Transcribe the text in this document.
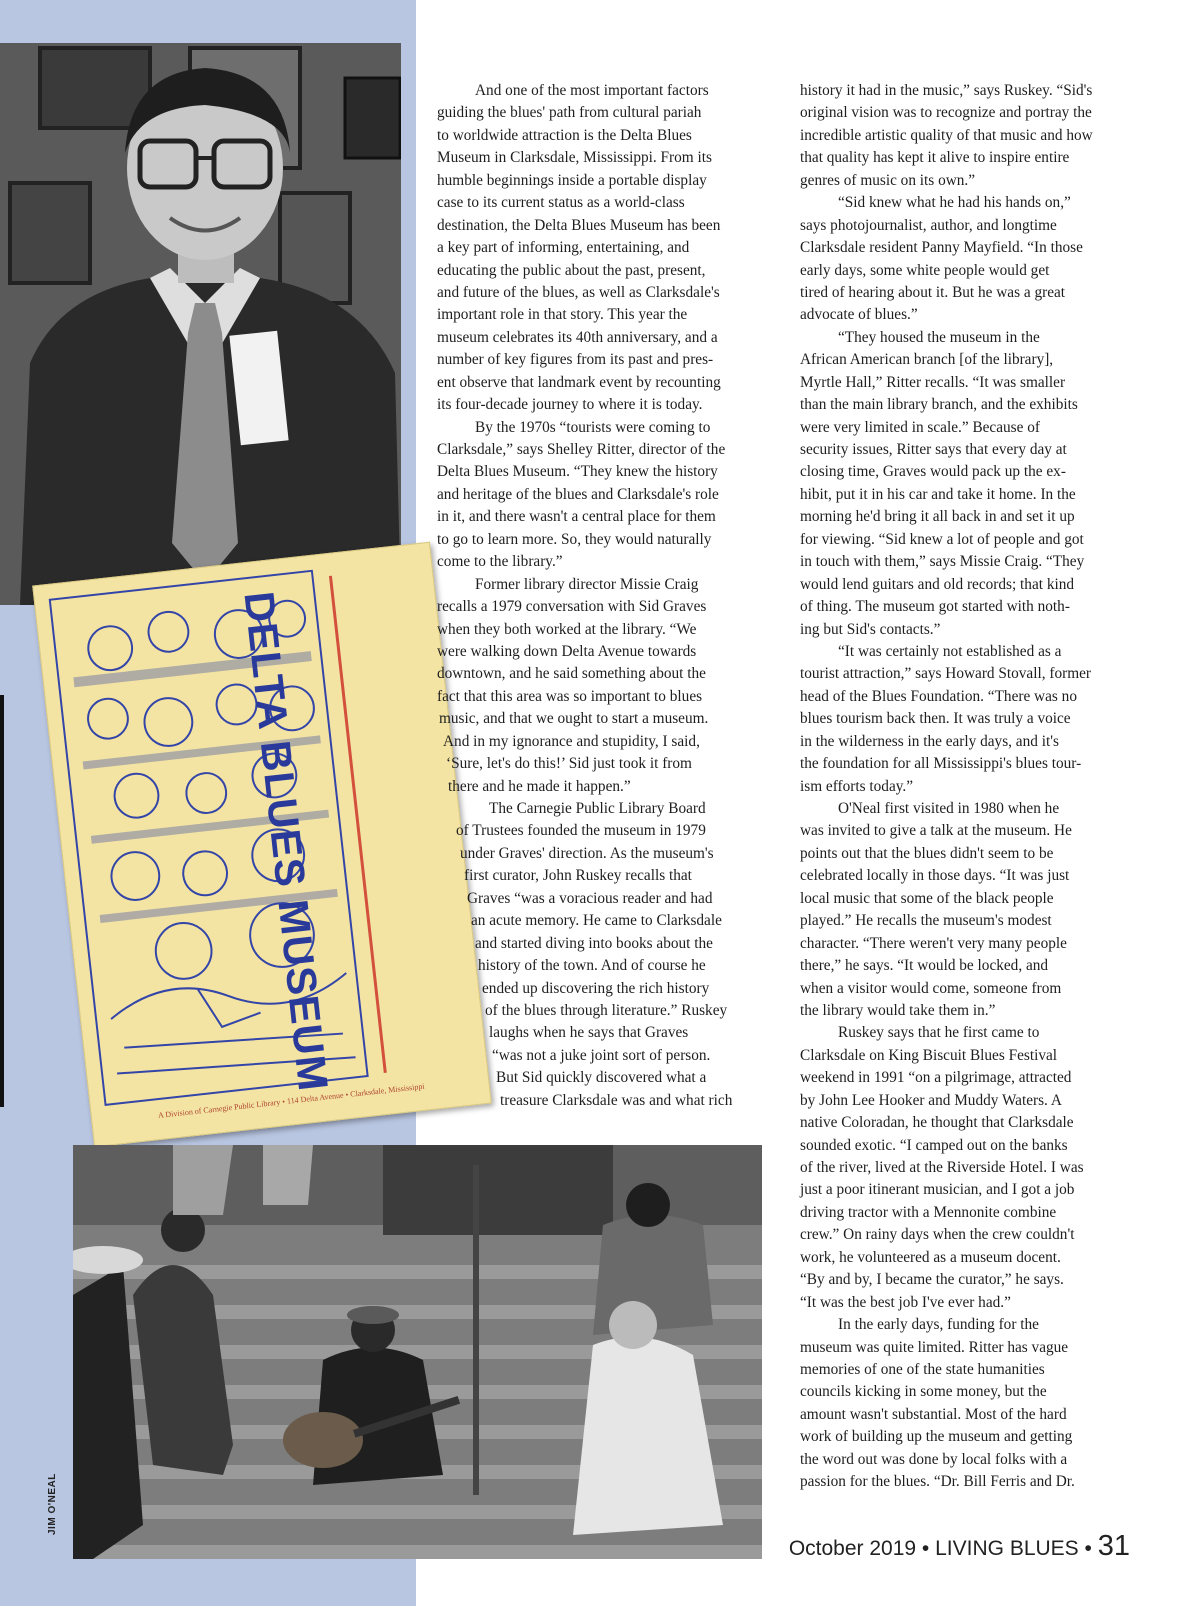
DELTA BLUES MUSEUM
A Division of Carnegie Public Library • 114 Delta Avenue • Clarksdale, Mississippi
JIM O'NEAL
And one of the most important factors
guiding the blues' path from cultural pariah
to worldwide attraction is the Delta Blues
Museum in Clarksdale, Mississippi. From its
humble beginnings inside a portable display
case to its current status as a world-class
destination, the Delta Blues Museum has been
a key part of informing, entertaining, and
educating the public about the past, present,
and future of the blues, as well as Clarksdale's
important role in that story. This year the
museum celebrates its 40th anniversary, and a
number of key figures from its past and pres-
ent observe that landmark event by recounting
its four-decade journey to where it is today.
By the 1970s “tourists were coming to
Clarksdale,” says Shelley Ritter, director of the
Delta Blues Museum. “They knew the history
and heritage of the blues and Clarksdale's role
in it, and there wasn't a central place for them
to go to learn more. So, they would naturally
come to the library.”
Former library director Missie Craig
recalls a 1979 conversation with Sid Graves
when they both worked at the library. “We
were walking down Delta Avenue towards
downtown, and he said something about the
fact that this area was so important to blues
music, and that we ought to start a museum.
And in my ignorance and stupidity, I said,
‘Sure, let's do this!’ Sid just took it from
there and he made it happen.”
The Carnegie Public Library Board
of Trustees founded the museum in 1979
under Graves' direction. As the museum's
first curator, John Ruskey recalls that
Graves “was a voracious reader and had
an acute memory. He came to Clarksdale
and started diving into books about the
history of the town. And of course he
ended up discovering the rich history
of the blues through literature.” Ruskey
laughs when he says that Graves
“was not a juke joint sort of person.
But Sid quickly discovered what a
treasure Clarksdale was and what rich
history it had in the music,” says Ruskey. “Sid's
original vision was to recognize and portray the
incredible artistic quality of that music and how
that quality has kept it alive to inspire entire
genres of music on its own.”
“Sid knew what he had his hands on,”
says photojournalist, author, and longtime
Clarksdale resident Panny Mayfield. “In those
early days, some white people would get
tired of hearing about it. But he was a great
advocate of blues.”
“They housed the museum in the
African American branch [of the library],
Myrtle Hall,” Ritter recalls. “It was smaller
than the main library branch, and the exhibits
were very limited in scale.” Because of
security issues, Ritter says that every day at
closing time, Graves would pack up the ex-
hibit, put it in his car and take it home. In the
morning he'd bring it all back in and set it up
for viewing. “Sid knew a lot of people and got
in touch with them,” says Missie Craig. “They
would lend guitars and old records; that kind
of thing. The museum got started with noth-
ing but Sid's contacts.”
“It was certainly not established as a
tourist attraction,” says Howard Stovall, former
head of the Blues Foundation. “There was no
blues tourism back then. It was truly a voice
in the wilderness in the early days, and it's
the foundation for all Mississippi's blues tour-
ism efforts today.”
O'Neal first visited in 1980 when he
was invited to give a talk at the museum. He
points out that the blues didn't seem to be
celebrated locally in those days. “It was just
local music that some of the black people
played.” He recalls the museum's modest
character. “There weren't very many people
there,” he says. “It would be locked, and
when a visitor would come, someone from
the library would take them in.”
Ruskey says that he first came to
Clarksdale on King Biscuit Blues Festival
weekend in 1991 “on a pilgrimage, attracted
by John Lee Hooker and Muddy Waters. A
native Coloradan, he thought that Clarksdale
sounded exotic. “I camped out on the banks
of the river, lived at the Riverside Hotel. I was
just a poor itinerant musician, and I got a job
driving tractor with a Mennonite combine
crew.” On rainy days when the crew couldn't
work, he volunteered as a museum docent.
“By and by, I became the curator,” he says.
“It was the best job I've ever had.”
In the early days, funding for the
museum was quite limited. Ritter has vague
memories of one of the state humanities
councils kicking in some money, but the
amount wasn't substantial. Most of the hard
work of building up the museum and getting
the word out was done by local folks with a
passion for the blues. “Dr. Bill Ferris and Dr.
October 2019 • LIVING BLUES • 31
